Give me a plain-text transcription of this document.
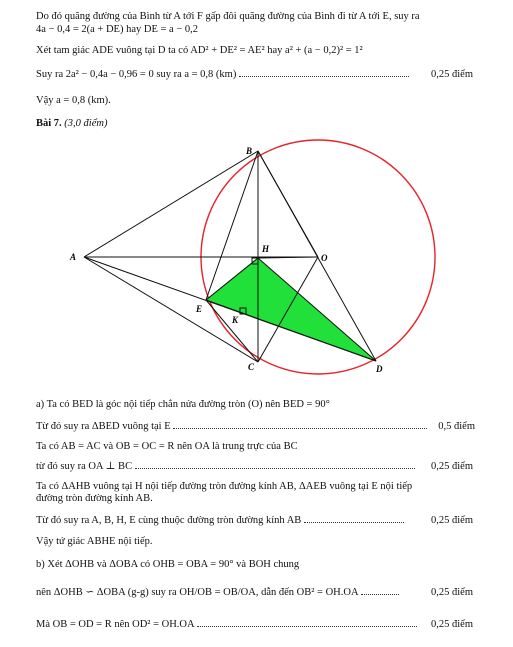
Do đó quãng đường của Bình từ A tới F gấp đôi quãng đường của Bình đi từ A tới E, suy ra
4a − 0,4 = 2(a + DE) hay DE = a − 0,2
Xét tam giác ADE vuông tại D ta có AD² + DE² = AE² hay a² + (a − 0,2)² = 1²
Suy ra 2a² − 0,4a − 0,96 = 0 suy ra a = 0,8 (km)	0,25 điểm
Vậy a = 0,8 (km).
Bài 7. (3,0 điểm)
B
A
H
O
E
K
C	D
a) Ta có BED là góc nội tiếp chắn nửa đường tròn (O) nên BED = 90°
Từ đó suy ra ΔBED vuông tại E	0,5 điểm
Ta có AB = AC và OB = OC = R nên OA là trung trực của BC
từ đó suy ra OA ⊥ BC	0,25 điểm
Ta có ΔAHB vuông tại H nội tiếp đường tròn đường kính AB, ΔAEB vuông tại E nội tiếp
đường tròn đường kính AB.
Từ đó suy ra A, B, H, E cùng thuộc đường tròn đường kính AB	0,25 điểm
Vậy tứ giác ABHE nội tiếp.
b) Xét ΔOHB và ΔOBA có OHB = OBA = 90° và BOH chung
nên ΔOHB ∽ ΔOBA (g-g) suy ra OH/OB = OB/OA, dẫn đến OB² = OH.OA	0,25 điểm
Mà OB = OD = R nên OD² = OH.OA	0,25 điểm
